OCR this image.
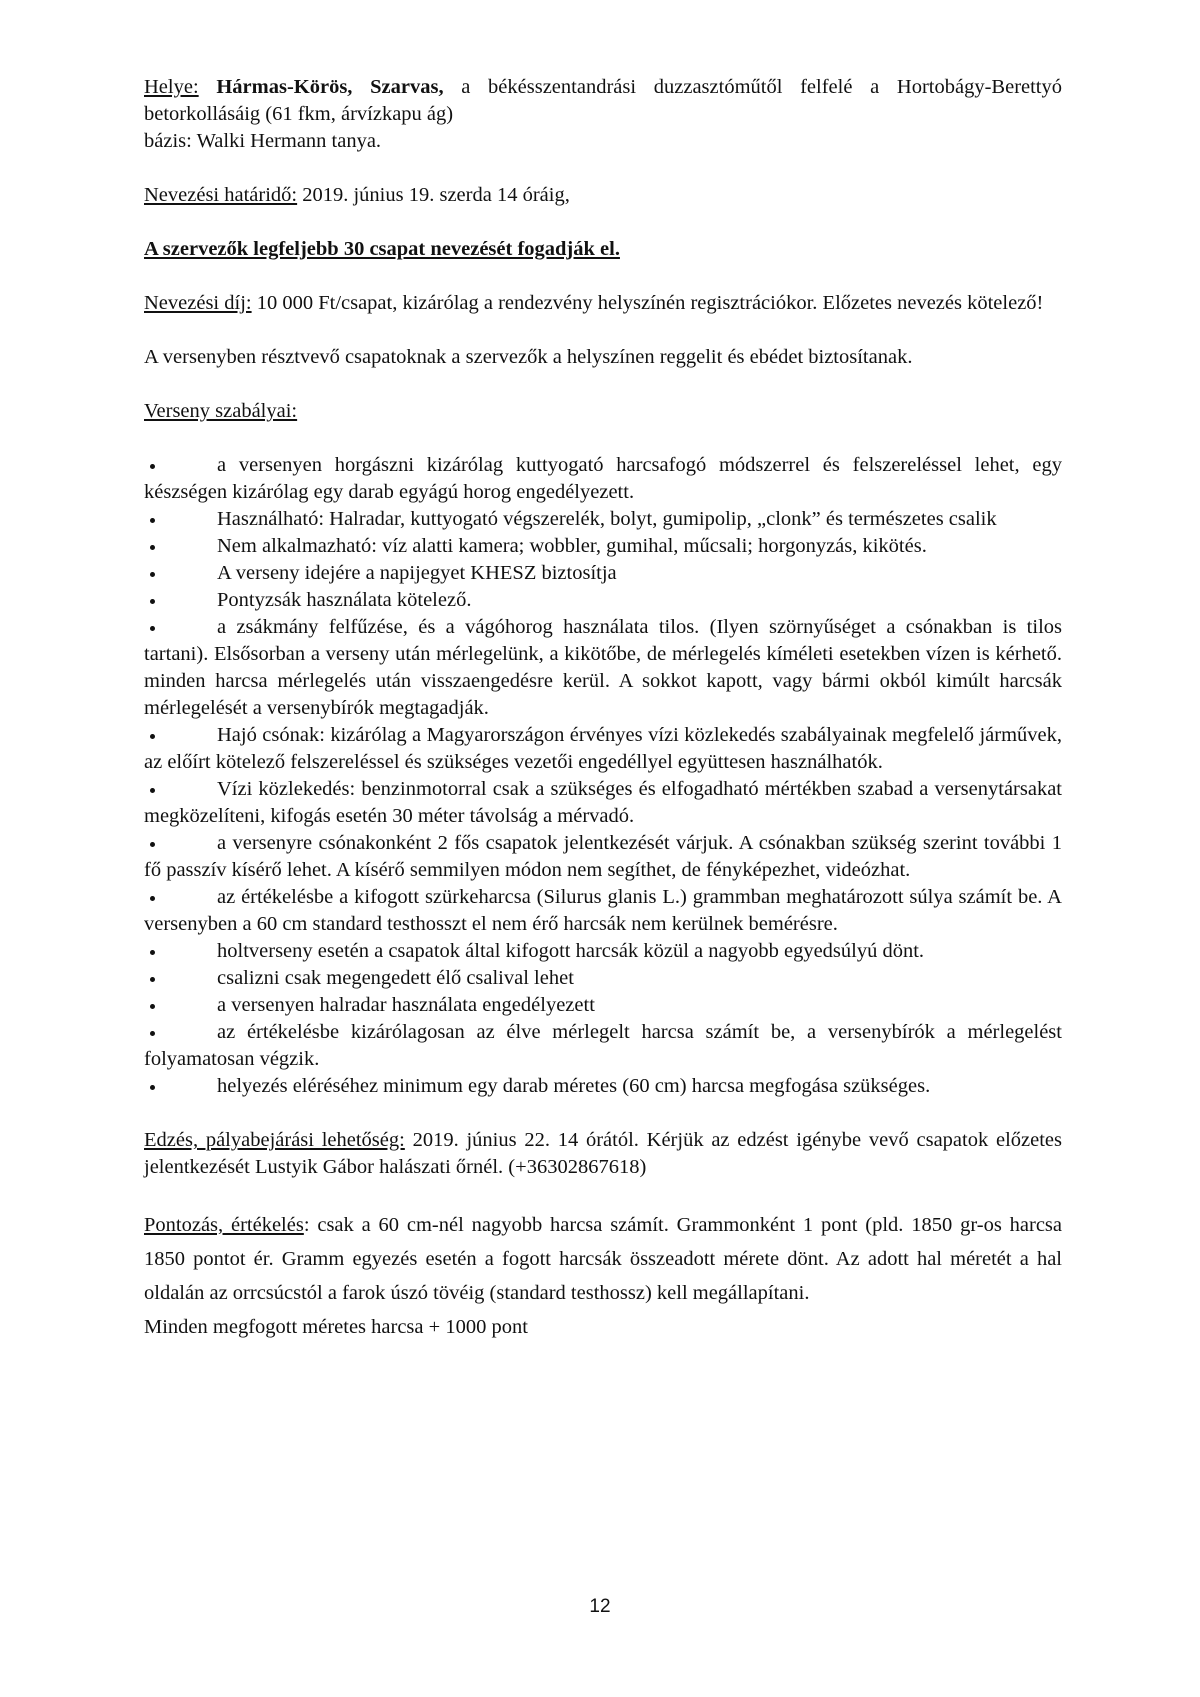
Helye: Hármas-Körös, Szarvas, a békésszentandrási duzzasztóműtől felfelé a Hortobágy-Berettyó betorkollásáig (61 fkm, árvízkapu ág)

bázis: Walki Hermann tanya.

Nevezési határidő: 2019. június 19. szerda 14 óráig,

A szervezők legfeljebb 30 csapat nevezését fogadják el.

Nevezési díj: 10 000 Ft/csapat, kizárólag a rendezvény helyszínén regisztrációkor. Előzetes nevezés kötelező!

A versenyben résztvevő csapatoknak a szervezők a helyszínen reggelit és ebédet biztosítanak.

Verseny szabályai:

a versenyen horgászni kizárólag kuttyogató harcsafogó módszerrel és felszereléssel lehet, egy készségen kizárólag egy darab egyágú horog engedélyezett.
Használható: Halradar, kuttyogató végszerelék, bolyt, gumipolip, „clonk” és természetes csalik
Nem alkalmazható: víz alatti kamera; wobbler, gumihal, műcsali; horgonyzás, kikötés.
A verseny idejére a napijegyet KHESZ biztosítja
Pontyzsák használata kötelező.
a zsákmány felfűzése, és a vágóhorog használata tilos. (Ilyen szörnyűséget a csónakban is tilos tartani). Elsősorban a verseny után mérlegelünk, a kikötőbe, de mérlegelés kíméleti esetekben vízen is kérhető. minden harcsa mérlegelés után visszaengedésre kerül. A sokkot kapott, vagy bármi okból kimúlt harcsák mérlegelését a versenybírók megtagadják.
Hajó csónak: kizárólag a Magyarországon érvényes vízi közlekedés szabályainak megfelelő járművek, az előírt kötelező felszereléssel és szükséges vezetői engedéllyel együttesen használhatók.
Vízi közlekedés: benzinmotorral csak a szükséges és elfogadható mértékben szabad a versenytársakat megközelíteni, kifogás esetén 30 méter távolság a mérvadó.
a versenyre csónakonként 2 fős csapatok jelentkezését várjuk. A csónakban szükség szerint további 1 fő passzív kísérő lehet. A kísérő semmilyen módon nem segíthet, de fényképezhet, videózhat.
az értékelésbe a kifogott szürkeharcsa (Silurus glanis L.) grammban meghatározott súlya számít be. A versenyben a 60 cm standard testhosszt el nem érő harcsák nem kerülnek bemérésre.
holtverseny esetén a csapatok által kifogott harcsák közül a nagyobb egyedsúlyú dönt.
csalizni csak megengedett élő csalival lehet
a versenyen halradar használata engedélyezett
az értékelésbe kizárólagosan az élve mérlegelt harcsa számít be, a versenybírók a mérlegelést folyamatosan végzik.
helyezés eléréséhez minimum egy darab méretes (60 cm) harcsa megfogása szükséges.

Edzés, pályabejárási lehetőség: 2019. június 22. 14 órától. Kérjük az edzést igénybe vevő csapatok előzetes jelentkezését Lustyik Gábor halászati őrnél. (+36302867618)

Pontozás, értékelés: csak a 60 cm-nél nagyobb harcsa számít. Grammonként 1 pont (pld. 1850 gr-os harcsa 1850 pontot ér. Gramm egyezés esetén a fogott harcsák összeadott mérete dönt. Az adott hal méretét a hal oldalán az orrcsúcstól a farok úszó tövéig (standard testhossz) kell megállapítani.

Minden megfogott méretes harcsa + 1000 pont

12
